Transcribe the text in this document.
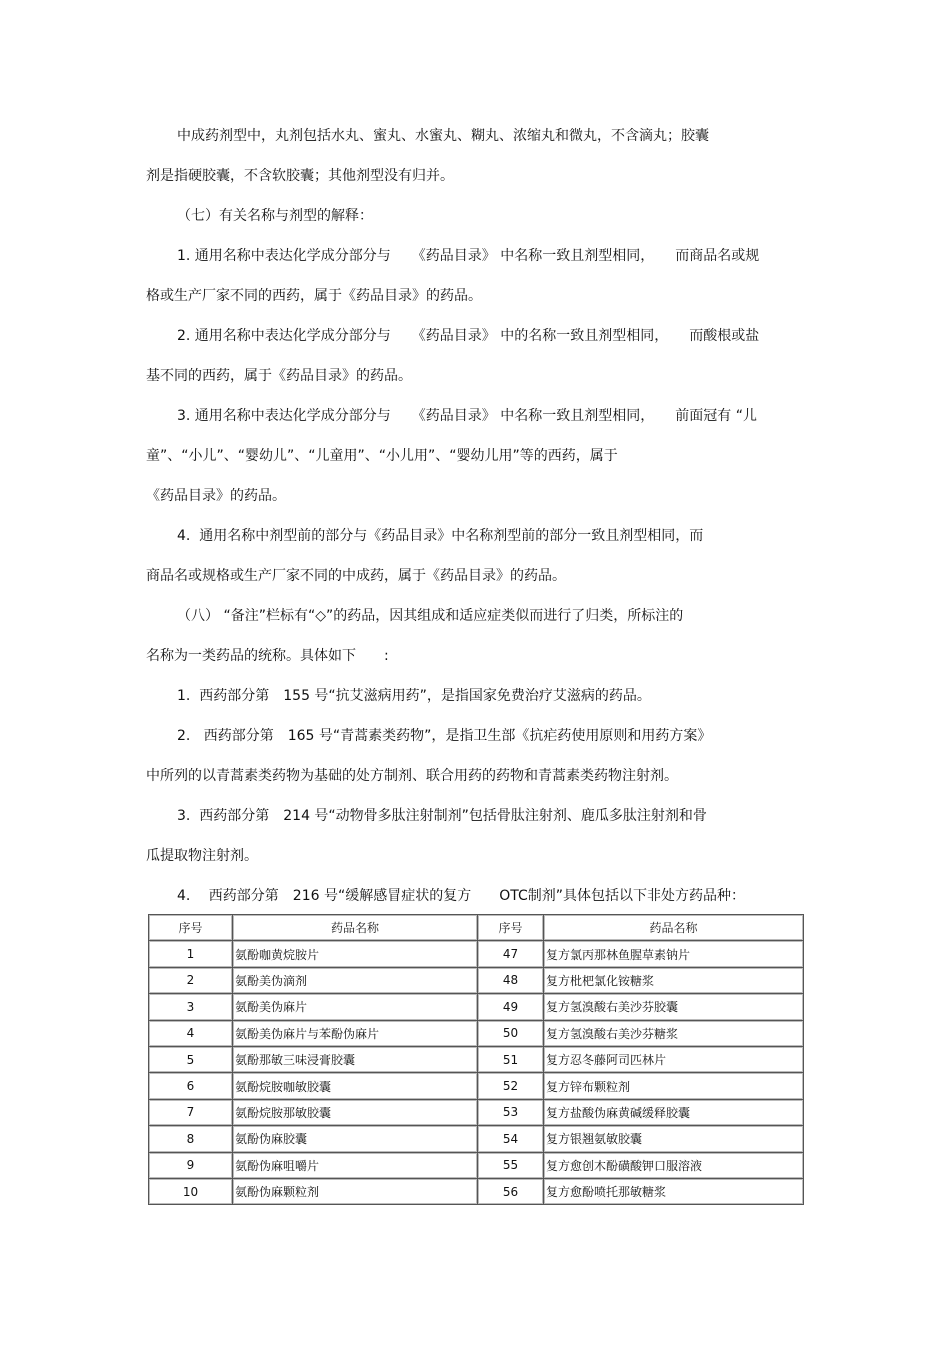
中成药剂型中，丸剂包括水丸、蜜丸、水蜜丸、糊丸、浓缩丸和微丸，不含滴丸；胶囊
剂是指硬胶囊，不含软胶囊；其他剂型没有归并。
（七）有关名称与剂型的解释：
1. 通用名称中表达化学成分部分与　　《药品目录》 中名称一致且剂型相同，　　而商品名或规
格或生产厂家不同的西药，属于《药品目录》的药品。
2. 通用名称中表达化学成分部分与　　《药品目录》 中的名称一致且剂型相同，　　而酸根或盐
基不同的西药，属于《药品目录》的药品。
3. 通用名称中表达化学成分部分与　　《药品目录》 中名称一致且剂型相同，　　前面冠有 “儿
童”、“小儿”、“婴幼儿”、“儿童用”、“小儿用”、“婴幼儿用”等的西药，属于
《药品目录》的药品。
4.  通用名称中剂型前的部分与《药品目录》中名称剂型前的部分一致且剂型相同，而
商品名或规格或生产厂家不同的中成药，属于《药品目录》的药品。
（八） “备注”栏标有“◇”的药品，因其组成和适应症类似而进行了归类，所标注的
名称为一类药品的统称。具体如下　　:
1.  西药部分第　155 号“抗艾滋病用药”，是指国家免费治疗艾滋病的药品。
2.   西药部分第　165 号“青蒿素类药物”，是指卫生部《抗疟药使用原则和用药方案》
中所列的以青蒿素类药物为基础的处方制剂、联合用药的药物和青蒿素类药物注射剂。
3.  西药部分第　214 号“动物骨多肽注射制剂”包括骨肽注射剂、鹿瓜多肽注射剂和骨
瓜提取物注射剂。
4.　 西药部分第　216 号“缓解感冒症状的复方　　OTC制剂”具体包括以下非处方药品种：
序号	药品名称	序号	药品名称
1	氨酚咖黄烷胺片	47	复方氯丙那林鱼腥草素钠片
2	氨酚美伪滴剂	48	复方枇杷氯化铵糖浆
3	氨酚美伪麻片	49	复方氢溴酸右美沙芬胶囊
4	氨酚美伪麻片与苯酚伪麻片	50	复方氢溴酸右美沙芬糖浆
5	氨酚那敏三味浸膏胶囊	51	复方忍冬藤阿司匹林片
6	氨酚烷胺咖敏胶囊	52	复方锌布颗粒剂
7	氨酚烷胺那敏胶囊	53	复方盐酸伪麻黄碱缓释胶囊
8	氨酚伪麻胶囊	54	复方银翘氨敏胶囊
9	氨酚伪麻咀嚼片	55	复方愈创木酚磺酸钾口服溶液
10	氨酚伪麻颗粒剂	56	复方愈酚喷托那敏糖浆
